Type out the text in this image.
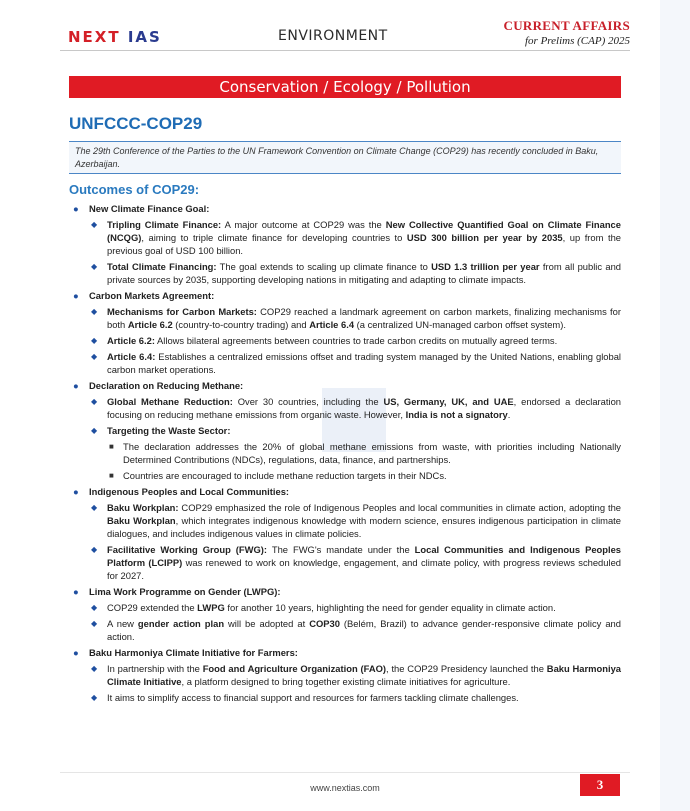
NEXT IAS	ENVIRONMENT
CURRENT AFFAIRS
for Prelims (CAP) 2025
Conservation / Ecology / Pollution
UNFCCC-COP29
The 29th Conference of the Parties to the UN Framework Convention on Climate Change (COP29) has recently concluded in Baku, Azerbaijan.
Outcomes of COP29:
● New Climate Finance Goal:
◆ Tripling Climate Finance: A major outcome at COP29 was the New Collective Quantified Goal on Climate Finance (NCQG), aiming to triple climate finance for developing countries to USD 300 billion per year by 2035, up from the previous goal of USD 100 billion.
◆ Total Climate Financing: The goal extends to scaling up climate finance to USD 1.3 trillion per year from all public and private sources by 2035, supporting developing nations in mitigating and adapting to climate impacts.
● Carbon Markets Agreement:
◆ Mechanisms for Carbon Markets: COP29 reached a landmark agreement on carbon markets, finalizing mechanisms for both Article 6.2 (country-to-country trading) and Article 6.4 (a centralized UN-managed carbon offset system).
◆ Article 6.2: Allows bilateral agreements between countries to trade carbon credits on mutually agreed terms.
◆ Article 6.4: Establishes a centralized emissions offset and trading system managed by the United Nations, enabling global carbon market operations.
● Declaration on Reducing Methane:
◆ Global Methane Reduction: Over 30 countries, including the US, Germany, UK, and UAE, endorsed a declaration focusing on reducing methane emissions from organic waste. However, India is not a signatory.
◆ Targeting the Waste Sector:
■ The declaration addresses the 20% of global methane emissions from waste, with priorities including Nationally Determined Contributions (NDCs), regulations, data, finance, and partnerships.
■ Countries are encouraged to include methane reduction targets in their NDCs.
● Indigenous Peoples and Local Communities:
◆ Baku Workplan: COP29 emphasized the role of Indigenous Peoples and local communities in climate action, adopting the Baku Workplan, which integrates indigenous knowledge with modern science, ensures indigenous participation in climate dialogues, and includes indigenous values in climate policies.
◆ Facilitative Working Group (FWG): The FWG's mandate under the Local Communities and Indigenous Peoples Platform (LCIPP) was renewed to work on knowledge, engagement, and climate policy, with progress reviews scheduled for 2027.
● Lima Work Programme on Gender (LWPG):
◆ COP29 extended the LWPG for another 10 years, highlighting the need for gender equality in climate action.
◆ A new gender action plan will be adopted at COP30 (Belém, Brazil) to advance gender-responsive climate policy and action.
● Baku Harmoniya Climate Initiative for Farmers:
◆ In partnership with the Food and Agriculture Organization (FAO), the COP29 Presidency launched the Baku Harmoniya Climate Initiative, a platform designed to bring together existing climate initiatives for agriculture.
◆ It aims to simplify access to financial support and resources for farmers tackling climate challenges.
www.nextias.com	3
